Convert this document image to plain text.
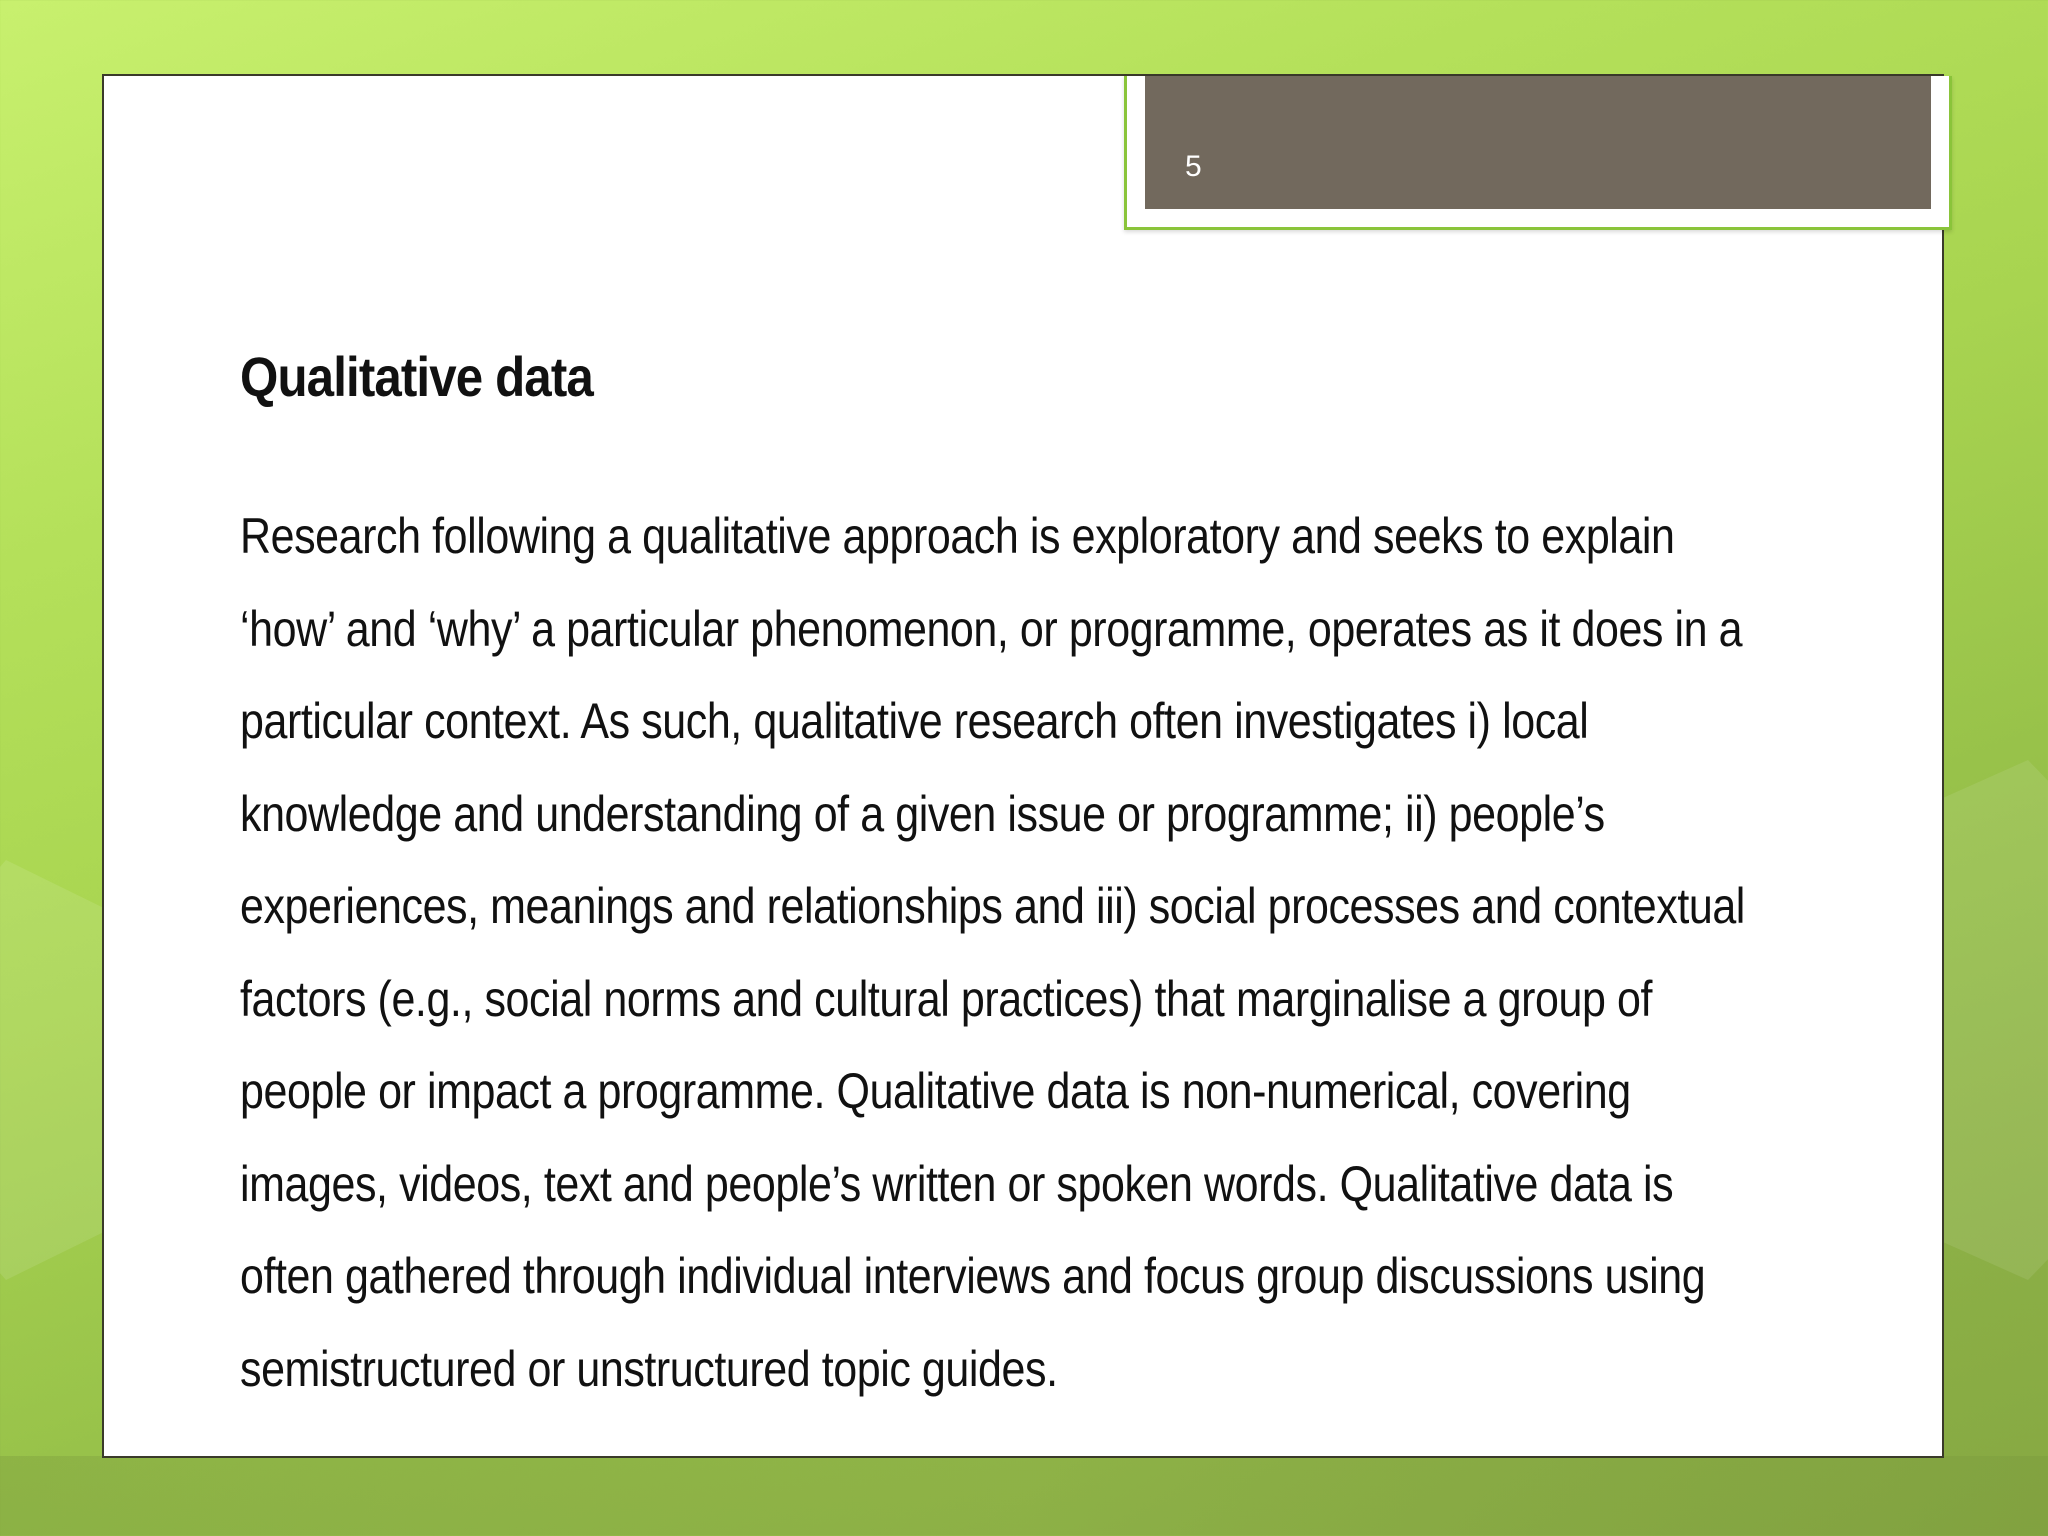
5
Qualitative data
Research following a qualitative approach is exploratory and seeks to explain
‘how’ and ‘why’ a particular phenomenon, or programme, operates as it does in a
particular context. As such, qualitative research often investigates i) local
knowledge and understanding of a given issue or programme; ii) people’s
experiences, meanings and relationships and iii) social processes and contextual
factors (e.g., social norms and cultural practices) that marginalise a group of
people or impact a programme. Qualitative data is non-numerical, covering
images, videos, text and people’s written or spoken words. Qualitative data is
often gathered through individual interviews and focus group discussions using
semistructured or unstructured topic guides.
